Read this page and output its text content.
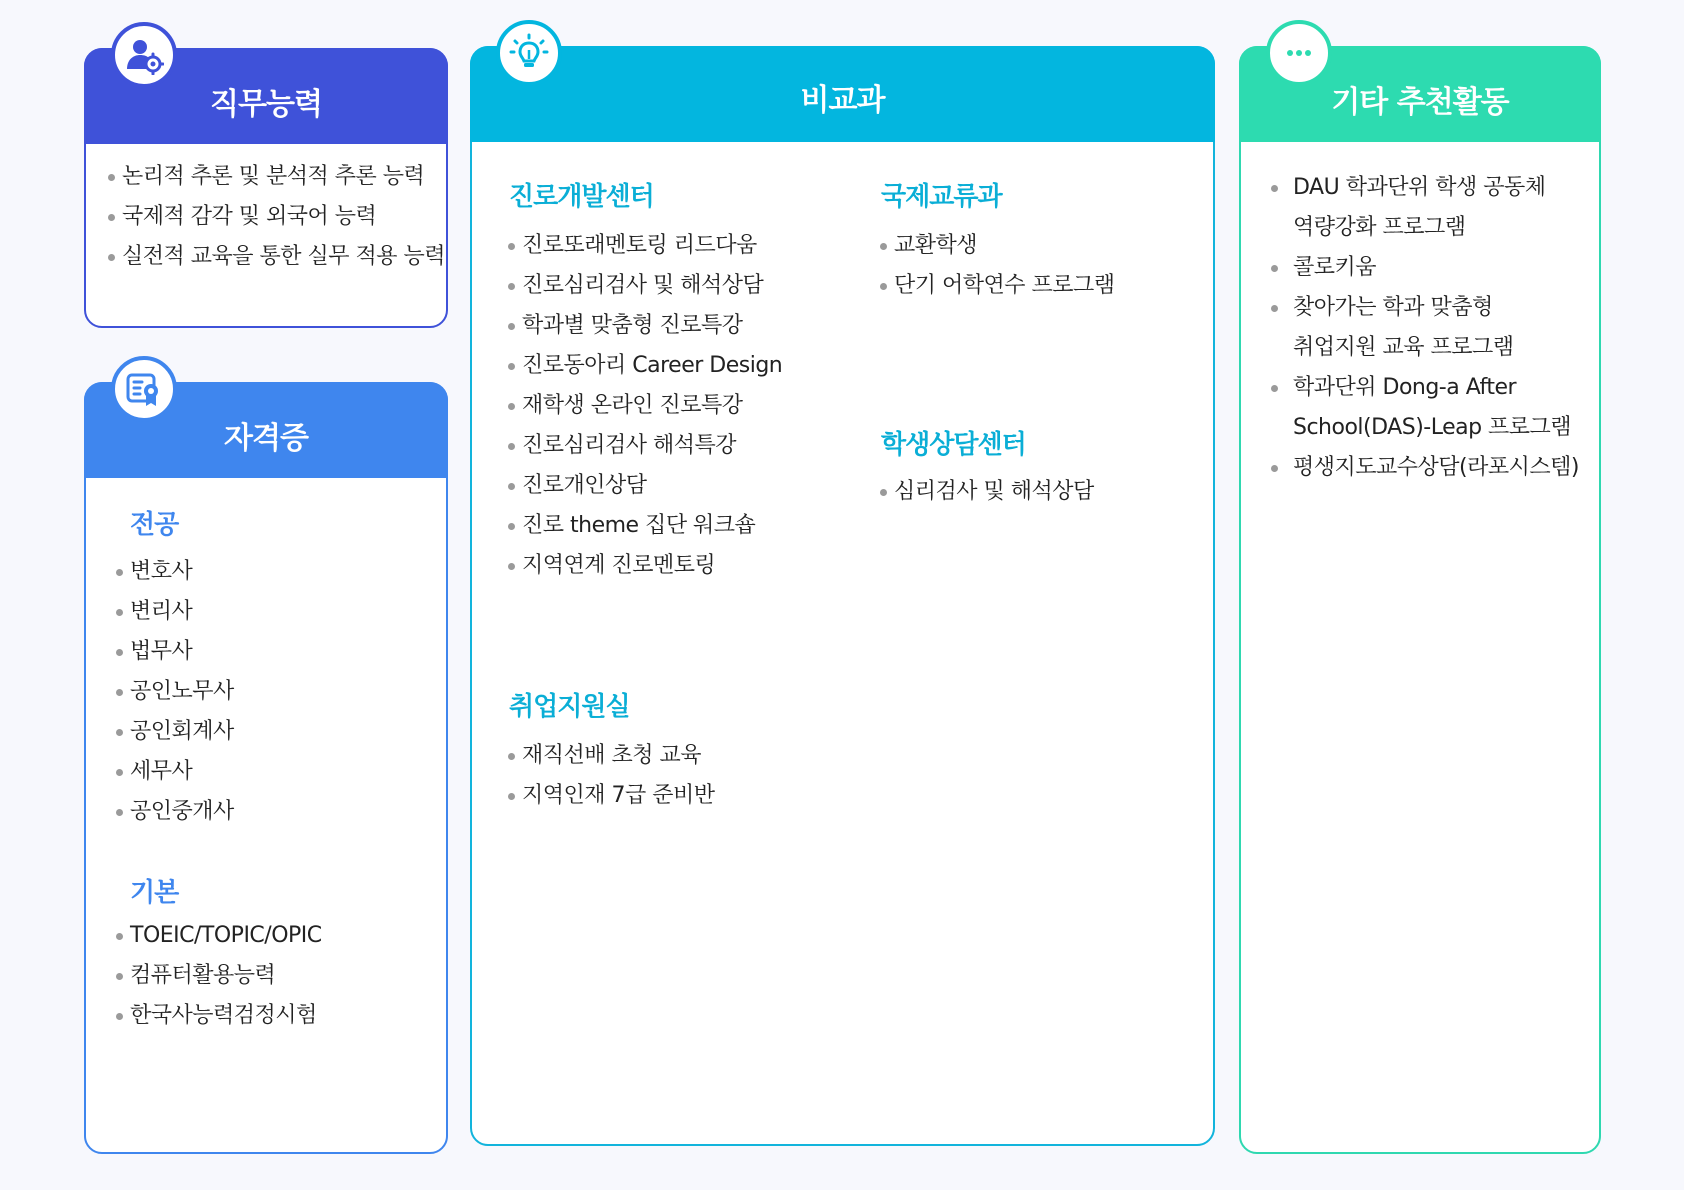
직무능력
논리적 추론 및 분석적 추론 능력
국제적 감각 및 외국어 능력
실전적 교육을 통한 실무 적용 능력
자격증
전공
변호사
변리사
법무사
공인노무사
공인회계사
세무사
공인중개사
기본
TOEIC/TOPIC/OPIC
컴퓨터활용능력
한국사능력검정시험
비교과
진로개발센터
진로또래멘토링 리드다움
진로심리검사 및 해석상담
학과별 맞춤형 진로특강
진로동아리 Career Design
재학생 온라인 진로특강
진로심리검사 해석특강
진로개인상담
진로 theme 집단 워크숍
지역연계 진로멘토링
취업지원실
재직선배 초청 교육
지역인재 7급 준비반
국제교류과
교환학생
단기 어학연수 프로그램
학생상담센터
심리검사 및 해석상담
기타 추천활동
DAU 학과단위 학생 공동체
역량강화 프로그램
콜로키움
찾아가는 학과 맞춤형
취업지원 교육 프로그램
학과단위 Dong-a After
School(DAS)-Leap 프로그램
평생지도교수상담(라포시스템)
